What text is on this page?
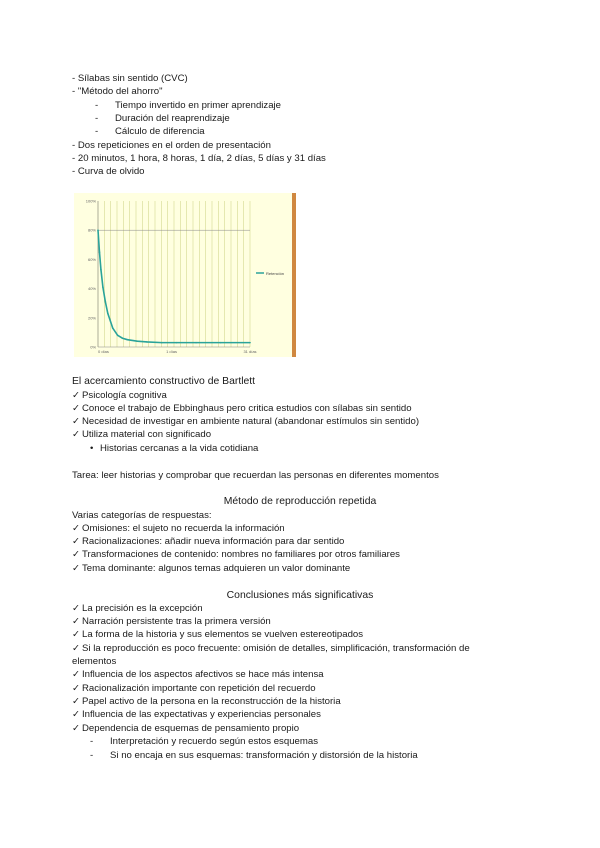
- Sílabas sin sentido (CVC)
- "Método del ahorro"
- Tiempo invertido en primer aprendizaje
- Duración del reaprendizaje
- Cálculo de diferencia
- Dos repeticiones en el orden de presentación
- 20 minutos, 1 hora, 8 horas, 1 día, 2 días, 5 días y 31 días
- Curva de olvido
100%
80%
60%
40%
20%
0%
0 días	1 días	31 días
Retención
El acercamiento constructivo de Bartlett
✓ Psicología cognitiva
✓ Conoce el trabajo de Ebbinghaus pero critica estudios con sílabas sin sentido
✓ Necesidad de investigar en ambiente natural (abandonar estímulos sin sentido)
✓ Utiliza material con significado
• Historias cercanas a la vida cotidiana
Tarea: leer historias y comprobar que recuerdan las personas en diferentes momentos
Método de reproducción repetida
Varias categorías de respuestas:
✓ Omisiones: el sujeto no recuerda la información
✓ Racionalizaciones: añadir nueva información para dar sentido
✓ Transformaciones de contenido: nombres no familiares por otros familiares
✓ Tema dominante: algunos temas adquieren un valor dominante
Conclusiones más significativas
✓ La precisión es la excepción
✓ Narración persistente tras la primera versión
✓ La forma de la historia y sus elementos se vuelven estereotipados
✓ Si la reproducción es poco frecuente: omisión de detalles, simplificación, transformación de
elementos
✓ Influencia de los aspectos afectivos se hace más intensa
✓ Racionalización importante con repetición del recuerdo
✓ Papel activo de la persona en la reconstrucción de la historia
✓ Influencia de las expectativas y experiencias personales
✓ Dependencia de esquemas de pensamiento propio
- Interpretación y recuerdo según estos esquemas
- Si no encaja en sus esquemas: transformación y distorsión de la historia
